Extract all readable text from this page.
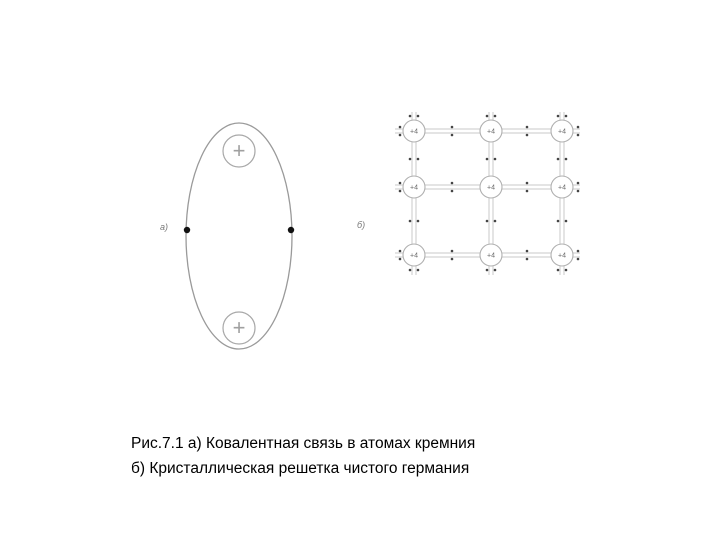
а)
+
+
б)
+4	+4	+4
+4	+4	+4
+4	+4	+4
Рис.7.1 а) Ковалентная связь в атомах кремния
б) Кристаллическая решетка чистого германия
